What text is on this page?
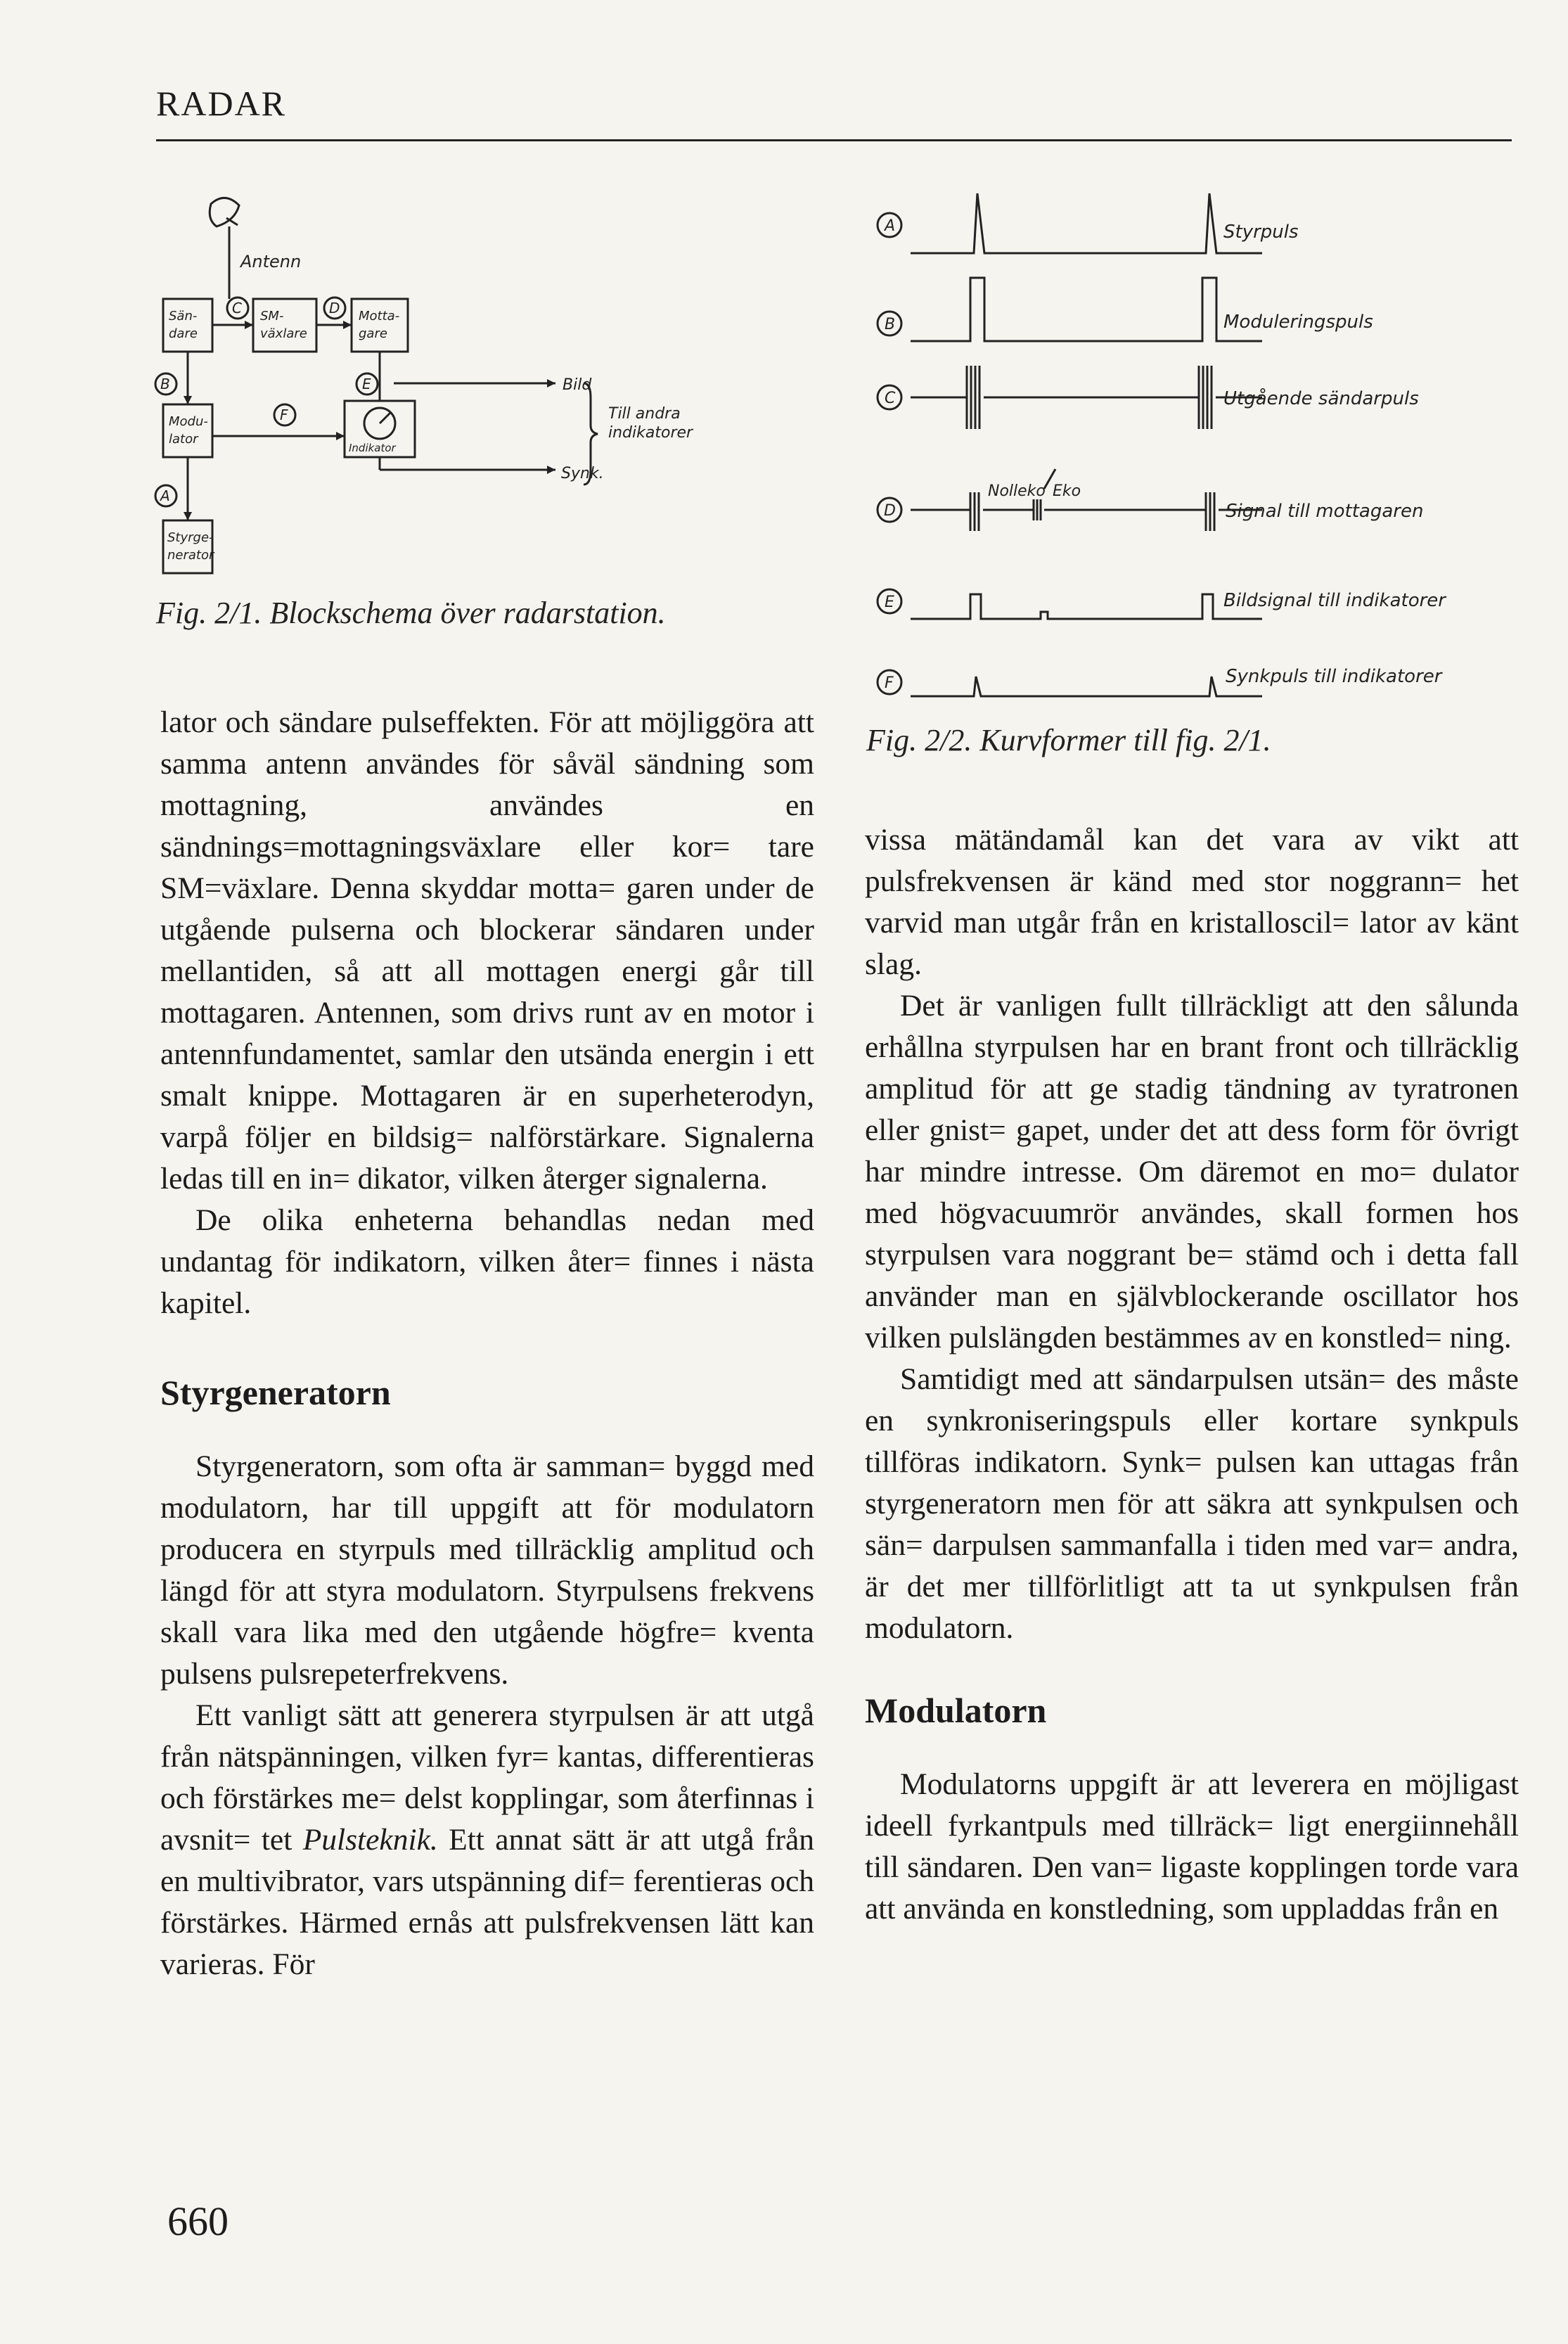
RADAR
Antenn
Sän-
dare
SM-
växlare
Motta-
gare
Modu-
lator
Styrge-
nerator
Indikator
Bild
Synk.
Till andra
indikatorer
C	D
B	E
F
A
Fig. 2/1. Blockschema över radarstation.
A
B
C
D
E
F
Styrpuls
Moduleringspuls
Utgående sändarpuls
Signal till mottagaren
Bildsignal till indikatorer
Synkpuls till indikatorer
Nolleko Eko
Fig. 2/2. Kurvformer till fig. 2/1.

lator och sändare pulseffekten. För att möjliggöra att samma antenn användes för såväl sändning som mottagning, användes en sändnings=mottagningsväxlare eller kor= tare SM=växlare. Denna skyddar motta= garen under de utgående pulserna och blockerar sändaren under mellantiden, så att all mottagen energi går till mottagaren. Antennen, som drivs runt av en motor i antennfundamentet, samlar den utsända energin i ett smalt knippe. Mottagaren är en superheterodyn, varpå följer en bildsig= nalförstärkare. Signalerna ledas till en in= dikator, vilken återger signalerna.

De olika enheterna behandlas nedan med undantag för indikatorn, vilken åter= finnes i nästa kapitel.

Styrgeneratorn

Styrgeneratorn, som ofta är samman= byggd med modulatorn, har till uppgift att för modulatorn producera en styrpuls med tillräcklig amplitud och längd för att styra modulatorn. Styrpulsens frekvens skall vara lika med den utgående högfre= kventa pulsens pulsrepeterfrekvens.

Ett vanligt sätt att generera styrpulsen är att utgå från nätspänningen, vilken fyr= kantas, differentieras och förstärkes me= delst kopplingar, som återfinnas i avsnit= tet Pulsteknik. Ett annat sätt är att utgå från en multivibrator, vars utspänning dif= ferentieras och förstärkes. Härmed ernås att pulsfrekvensen lätt kan varieras. För

vissa mätändamål kan det vara av vikt att pulsfrekvensen är känd med stor noggrann= het varvid man utgår från en kristalloscil= lator av känt slag.

Det är vanligen fullt tillräckligt att den sålunda erhållna styrpulsen har en brant front och tillräcklig amplitud för att ge stadig tändning av tyratronen eller gnist= gapet, under det att dess form för övrigt har mindre intresse. Om däremot en mo= dulator med högvacuumrör användes, skall formen hos styrpulsen vara noggrant be= stämd och i detta fall använder man en självblockerande oscillator hos vilken pulslängden bestämmes av en konstled= ning.

Samtidigt med att sändarpulsen utsän= des måste en synkroniseringspuls eller kortare synkpuls tillföras indikatorn. Synk= pulsen kan uttagas från styrgeneratorn men för att säkra att synkpulsen och sän= darpulsen sammanfalla i tiden med var= andra, är det mer tillförlitligt att ta ut synkpulsen från modulatorn.

Modulatorn

Modulatorns uppgift är att leverera en möjligast ideell fyrkantpuls med tillräck= ligt energiinnehåll till sändaren. Den van= ligaste kopplingen torde vara att använda en konstledning, som uppladdas från en

660
